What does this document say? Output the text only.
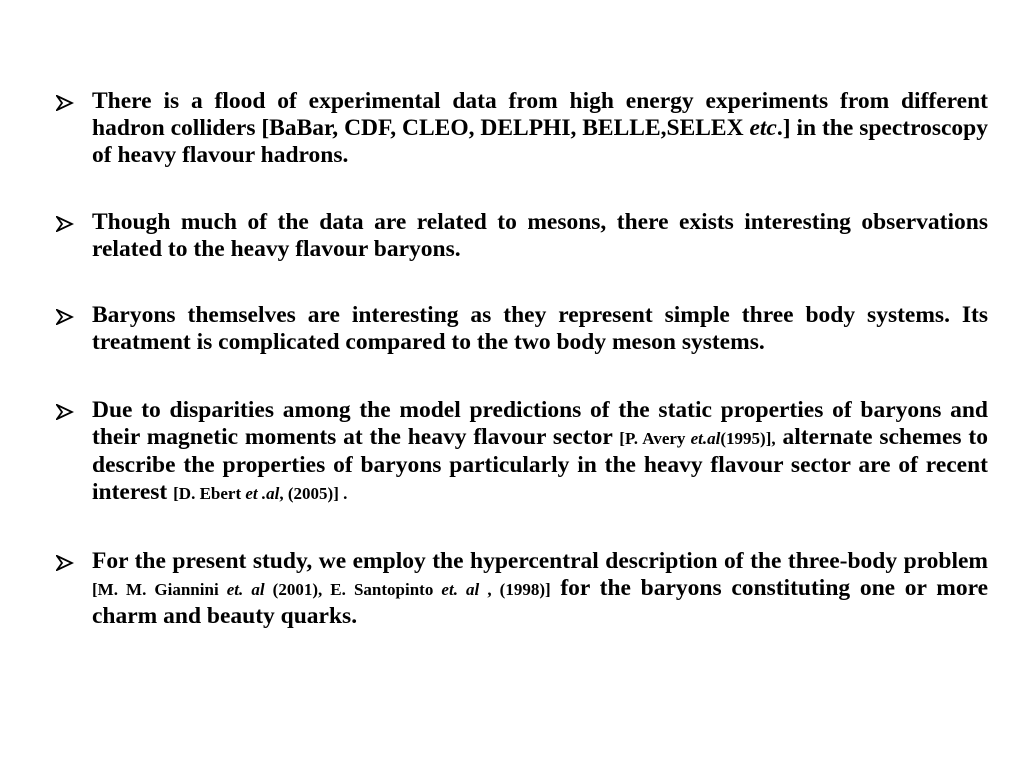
There is a flood of experimental data from high energy experiments from different hadron colliders [BaBar, CDF, CLEO, DELPHI, BELLE,SELEX etc.] in the spectroscopy of heavy flavour hadrons.
Though much of the data are related to mesons, there exists interesting observations related to the heavy flavour baryons.
Baryons themselves are interesting as they represent simple three body systems. Its treatment is complicated compared to the two body meson systems.
Due to disparities among the model predictions of the static properties of baryons and their magnetic moments at the heavy flavour sector [P. Avery et.al(1995)], alternate schemes to describe the properties of baryons particularly in the heavy flavour sector are of recent interest [D. Ebert et .al, (2005)] .
For the present study, we employ the hypercentral description of the three-body problem [M. M. Giannini et. al (2001), E. Santopinto et. al , (1998)] for the baryons constituting one or more charm and beauty quarks.
